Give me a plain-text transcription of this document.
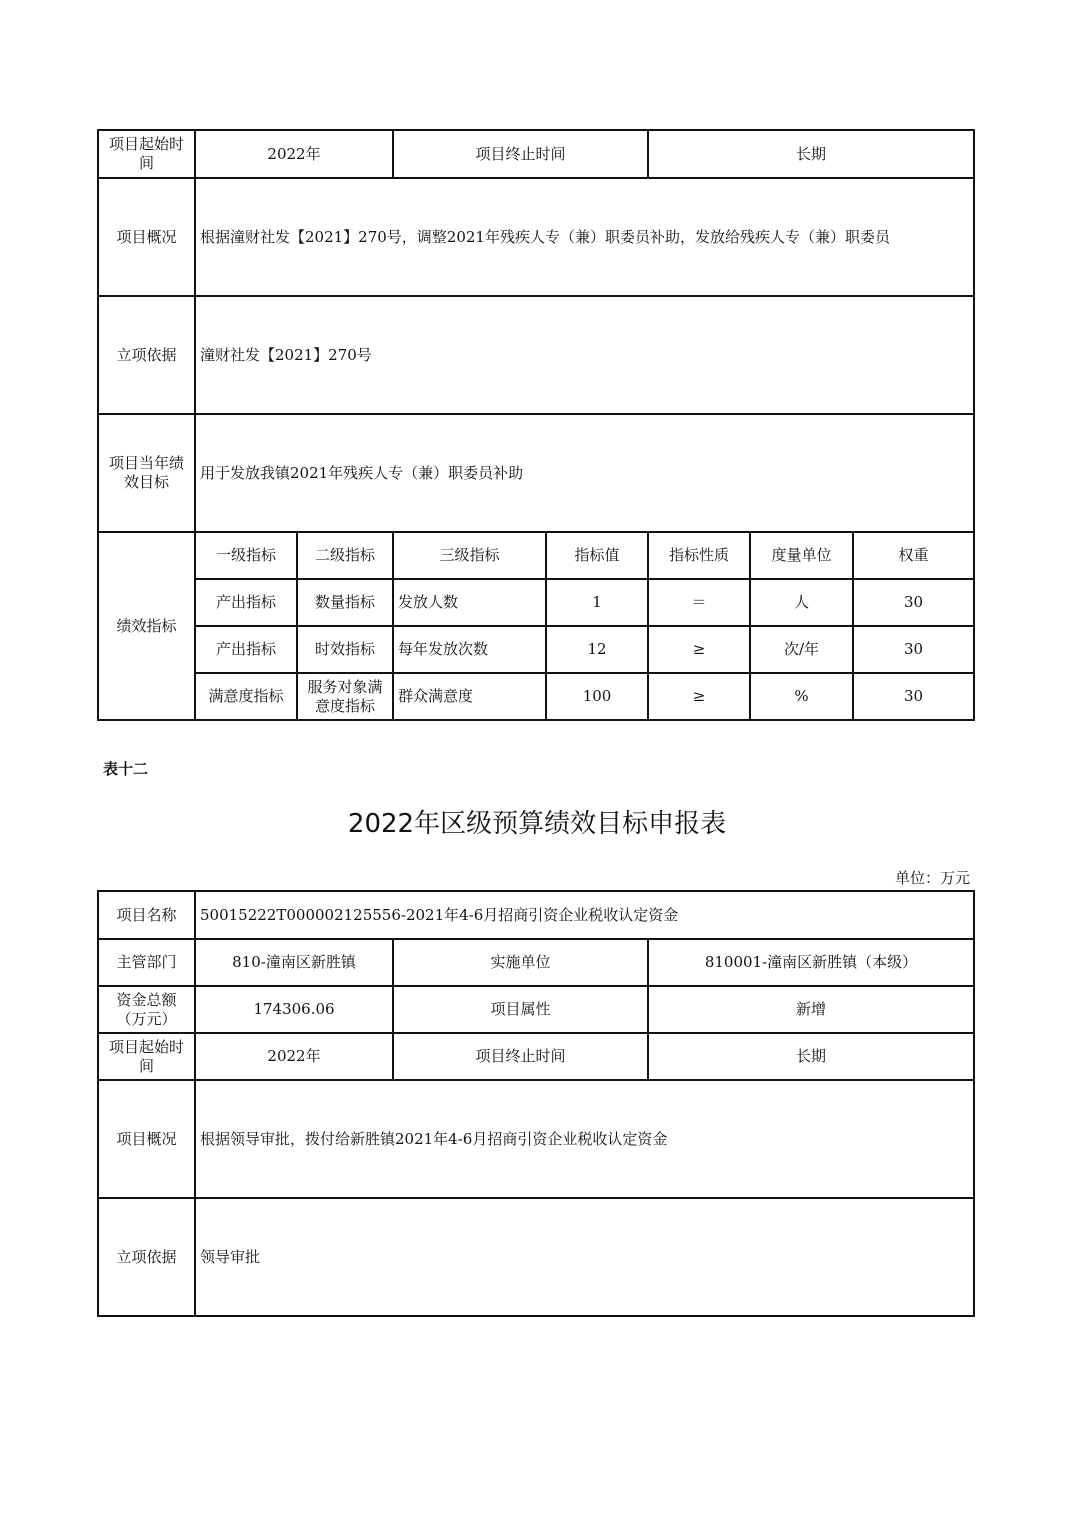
项目起始时间	2022年		项目终止时间		长期		
项目概况	根据潼财社发【2021】270号，调整2021年残疾人专（兼）职委员补助，发放给残疾人专（兼）职委员						
立项依据	潼财社发【2021】270号						
项目当年绩效目标	用于发放我镇2021年残疾人专（兼）职委员补助						
绩效指标	一级指标	二级指标	三级指标	指标值	指标性质	度量单位	权重
	产出指标	数量指标	发放人数	1	＝	人	30
	产出指标	时效指标	每年发放次数	12	≥	次/年	30
	满意度指标	服务对象满意度指标	群众满意度	100	≥	%	30
表十二
2022年区级预算绩效目标申报表
单位：万元
项目名称	50015222T000002125556-2021年4-6月招商引资企业税收认定资金		
主管部门	810-潼南区新胜镇	实施单位	810001-潼南区新胜镇（本级）
资金总额（万元）	174306.06	项目属性	新增
项目起始时间	2022年	项目终止时间	长期
项目概况	根据领导审批，拨付给新胜镇2021年4-6月招商引资企业税收认定资金		
立项依据	领导审批		
